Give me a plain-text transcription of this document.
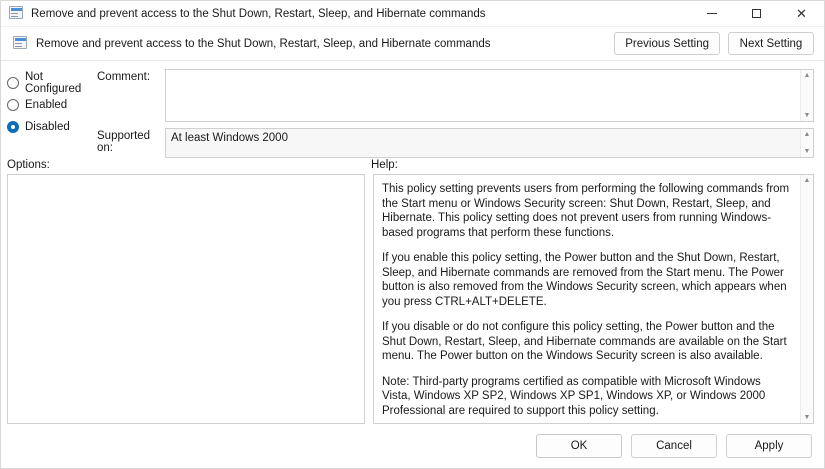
Remove and prevent access to the Shut Down, Restart, Sleep, and Hibernate commands	✕
Remove and prevent access to the Shut Down, Restart, Sleep, and Hibernate commands	Previous Setting	Next Setting
Not Configured
Enabled
Disabled
Comment:	▲
▼
Supported on:
At least Windows 2000	▲
▼
Options:	Help:

This policy setting prevents users from performing the following commands from the Start menu or Windows Security screen: Shut Down, Restart, Sleep, and Hibernate. This policy setting does not prevent users from running Windows-based programs that perform these functions.

If you enable this policy setting, the Power button and the Shut Down, Restart, Sleep, and Hibernate commands are removed from the Start menu. The Power button is also removed from the Windows Security screen, which appears when you press CTRL+ALT+DELETE.

If you disable or do not configure this policy setting, the Power button and the Shut Down, Restart, Sleep, and Hibernate commands are available on the Start menu. The Power button on the Windows Security screen is also available.

Note: Third-party programs certified as compatible with Microsoft Windows Vista, Windows XP SP2, Windows XP SP1, Windows XP, or Windows 2000 Professional are required to support this policy setting.

▲
▼
OK	Cancel	Apply
